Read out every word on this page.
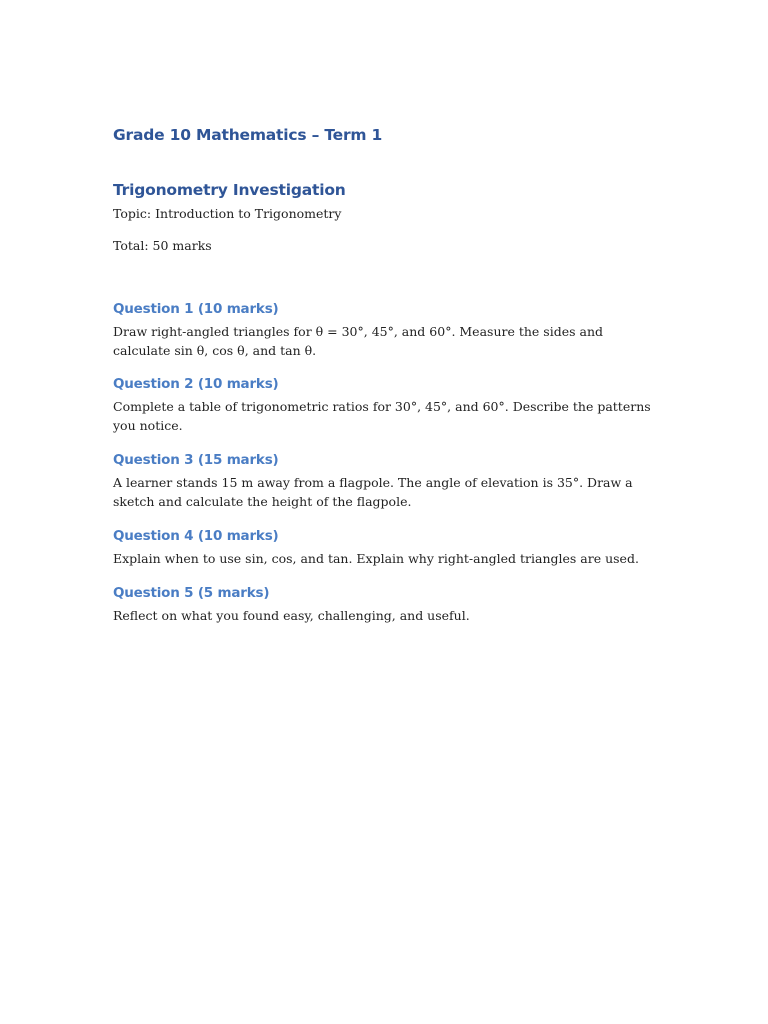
Grade 10 Mathematics – Term 1
Trigonometry Investigation

Topic: Introduction to Trigonometry

Total: 50 marks

Question 1 (10 marks)

Draw right-angled triangles for θ = 30°, 45°, and 60°. Measure the sides and calculate sin θ, cos θ, and tan θ.

Question 2 (10 marks)

Complete a table of trigonometric ratios for 30°, 45°, and 60°. Describe the patterns you notice.

Question 3 (15 marks)

A learner stands 15 m away from a flagpole. The angle of elevation is 35°. Draw a sketch and calculate the height of the flagpole.

Question 4 (10 marks)

Explain when to use sin, cos, and tan. Explain why right-angled triangles are used.

Question 5 (5 marks)

Reflect on what you found easy, challenging, and useful.
